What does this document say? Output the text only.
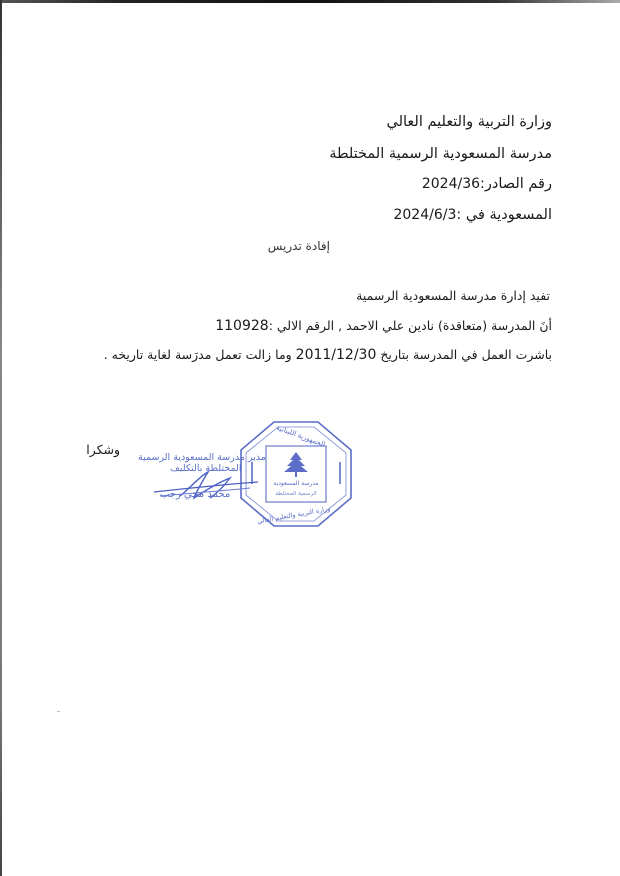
وزارة التربية والتعليم العالي
مدرسة المسعودية الرسمية المختلطة
رقم الصادر:2024/36
المسعودية في :2024/6/3
إفادة تدريس
تفيد إدارة مدرسة المسعودية الرسمية
أنَ المدرسة (متعاقدة) نادين علي الاحمد , الرقم الالي :110928
باشرت العمل في المدرسة بتاريخ 2011/12/30 وما زالت تعمل مدرَسة لغاية تاريخه .
وشكرا
مدرسة المسعودية
الرسمية المختلطة
الجمهورية اللبنانية
وزارة التربية والتعليم العالي
مدير مدرسة المسعودية الرسمية
المختلطة بالتكليف
محمد محي رجب
